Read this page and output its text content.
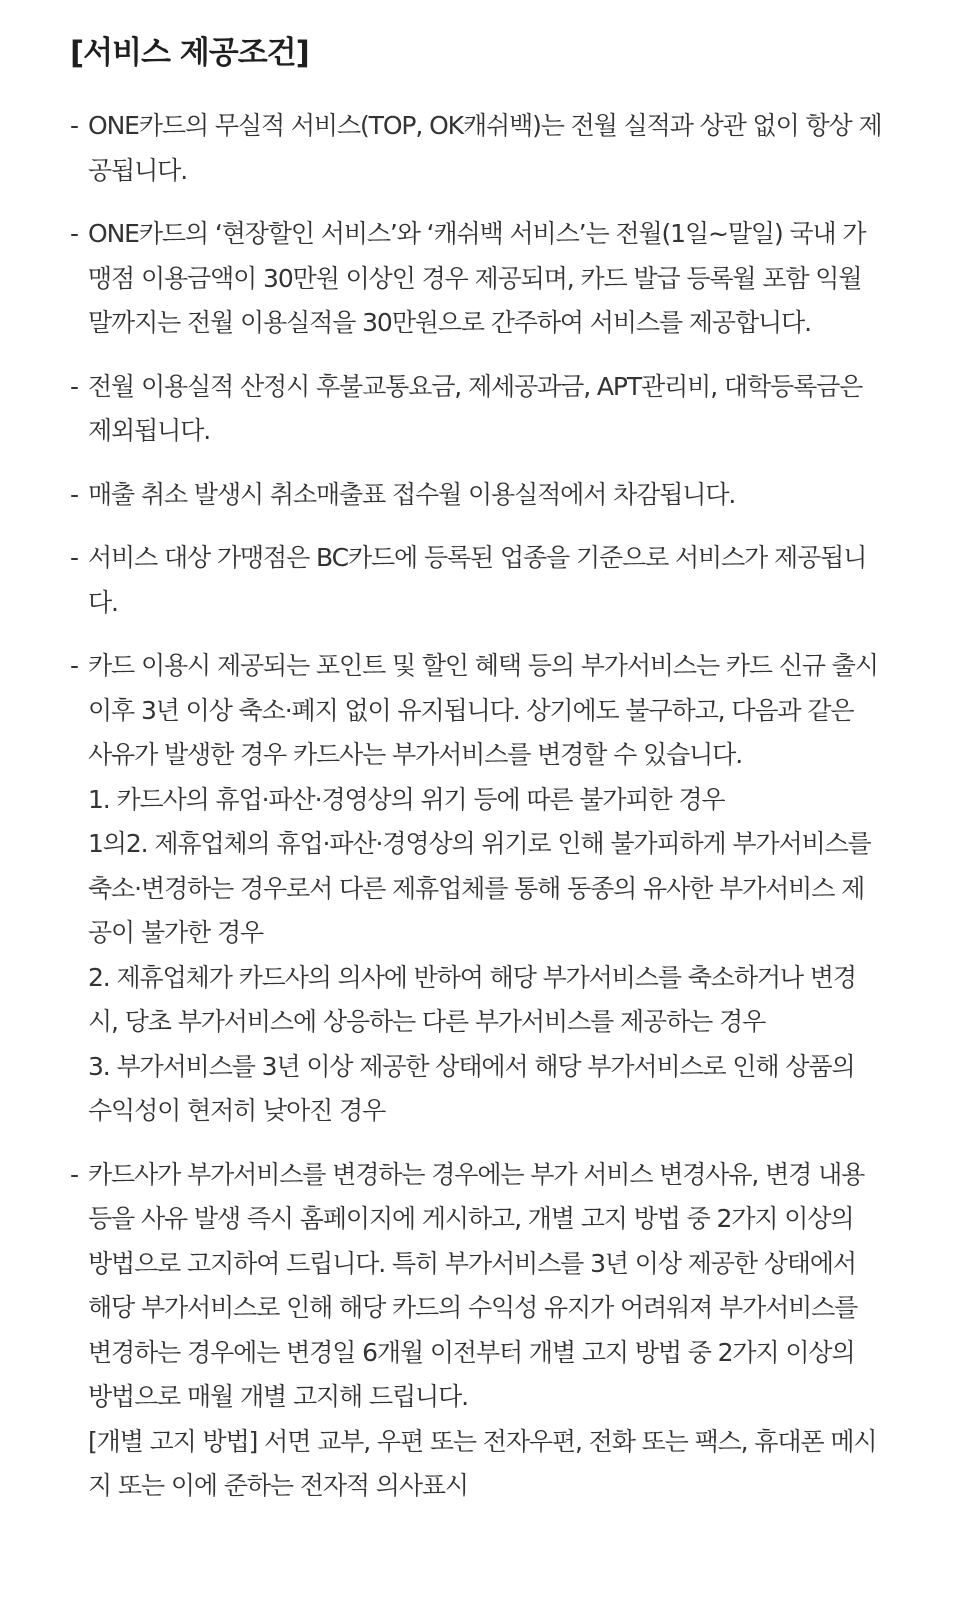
[서비스 제공조건]
- ONE카드의 무실적 서비스(TOP, OK캐쉬백)는 전월 실적과 상관 없이 항상 제공됩니다.
- ONE카드의 ‘현장할인 서비스’와 ‘캐쉬백 서비스’는 전월(1일~말일) 국내 가맹점 이용금액이 30만원 이상인 경우 제공되며, 카드 발급 등록월 포함 익월말까지는 전월 이용실적을 30만원으로 간주하여 서비스를 제공합니다.
- 전월 이용실적 산정시 후불교통요금, 제세공과금, APT관리비, 대학등록금은 제외됩니다.
- 매출 취소 발생시 취소매출표 접수월 이용실적에서 차감됩니다.
- 서비스 대상 가맹점은 BC카드에 등록된 업종을 기준으로 서비스가 제공됩니다.
- 카드 이용시 제공되는 포인트 및 할인 혜택 등의 부가서비스는 카드 신규 출시 이후 3년 이상 축소·폐지 없이 유지됩니다. 상기에도 불구하고, 다음과 같은 사유가 발생한 경우 카드사는 부가서비스를 변경할 수 있습니다.
1. 카드사의 휴업·파산·경영상의 위기 등에 따른 불가피한 경우
1의2. 제휴업체의 휴업·파산·경영상의 위기로 인해 불가피하게 부가서비스를 축소·변경하는 경우로서 다른 제휴업체를 통해 동종의 유사한 부가서비스 제공이 불가한 경우
2. 제휴업체가 카드사의 의사에 반하여 해당 부가서비스를 축소하거나 변경 시, 당초 부가서비스에 상응하는 다른 부가서비스를 제공하는 경우
3. 부가서비스를 3년 이상 제공한 상태에서 해당 부가서비스로 인해 상품의 수익성이 현저히 낮아진 경우
- 카드사가 부가서비스를 변경하는 경우에는 부가 서비스 변경사유, 변경 내용 등을 사유 발생 즉시 홈페이지에 게시하고, 개별 고지 방법 중 2가지 이상의 방법으로 고지하여 드립니다. 특히 부가서비스를 3년 이상 제공한 상태에서 해당 부가서비스로 인해 해당 카드의 수익성 유지가 어려워져 부가서비스를 변경하는 경우에는 변경일 6개월 이전부터 개별 고지 방법 중 2가지 이상의 방법으로 매월 개별 고지해 드립니다.
[개별 고지 방법] 서면 교부, 우편 또는 전자우편, 전화 또는 팩스, 휴대폰 메시지 또는 이에 준하는 전자적 의사표시
